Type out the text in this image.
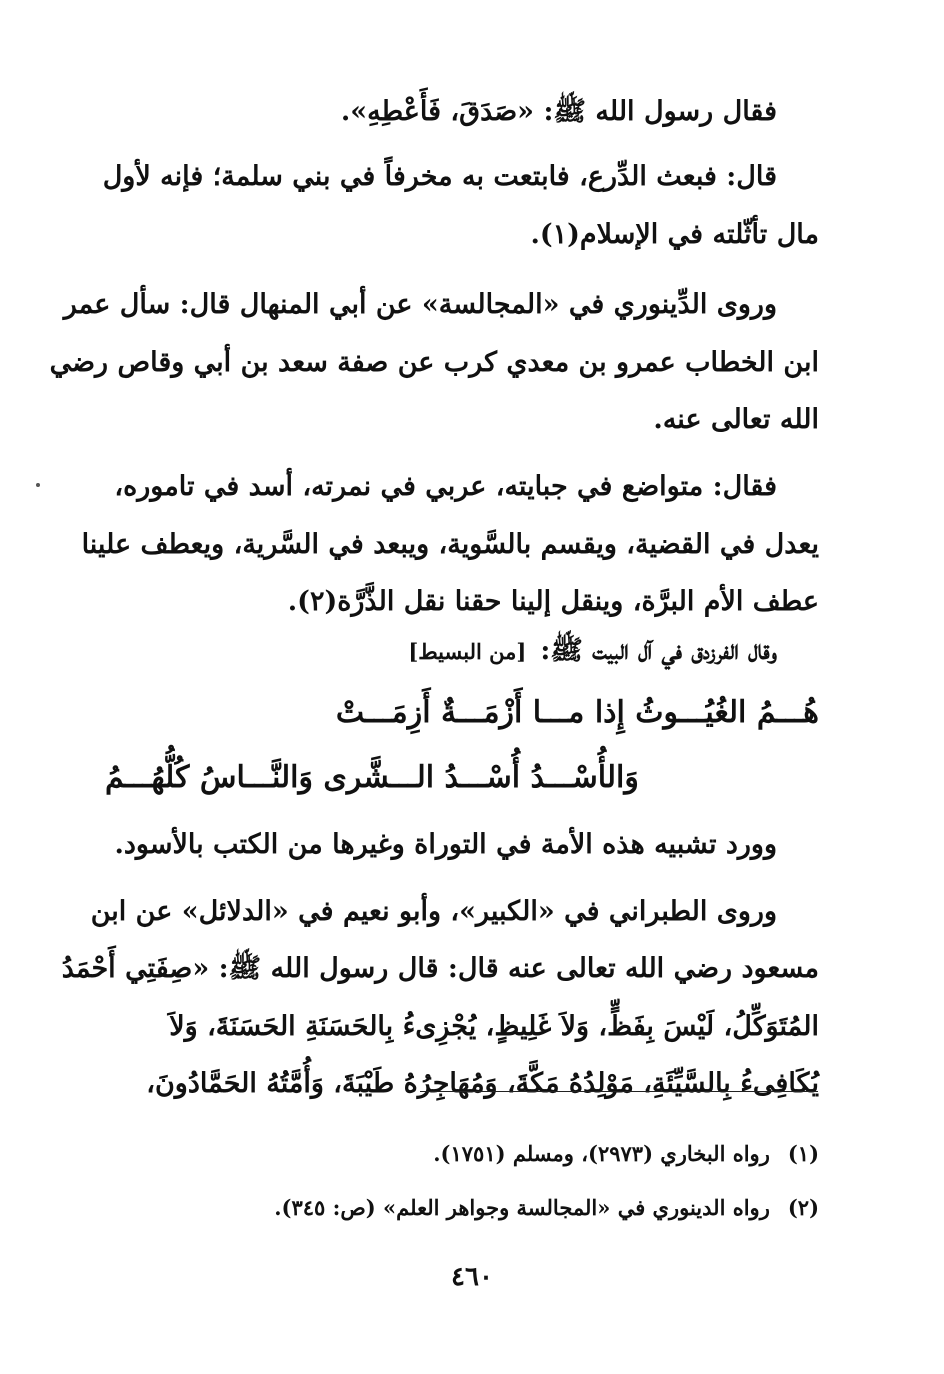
فقال رسول الله ﷺ: «صَدَقَ، فَأَعْطِهِ».
قال: فبعث الدِّرع، فابتعت به مخرفاً في بني سلمة؛ فإنه لأول
مال تأثّلته في الإسلام(١).
وروى الدِّينوري في «المجالسة» عن أبي المنهال قال: سأل عمر
ابن الخطاب عمرو بن معدي كرب عن صفة سعد بن أبي وقاص رضي
الله تعالى عنه.
فقال: متواضع في جبايته، عربي في نمرته، أسد في تاموره،
يعدل في القضية، ويقسم بالسَّوية، ويبعد في السَّرية، ويعطف علينا
عطف الأم البرَّة، وينقل إلينا حقنا نقل الذَّرَّة(٢).
وقال الفرزدق في آل البيت ﷺ:[من البسيط]
هُـــمُ الغُيُـــوثُ إِذا مـــا أَزْمَـــةٌ أَزِمَـــتْ
وَالأُسْـــدُ أُسْـــدُ الـــشَّرى وَالنَّـــاسُ كُلُّهُـــمُ
وورد تشبيه هذه الأمة في التوراة وغيرها من الكتب بالأسود.
وروى الطبراني في «الكبير»، وأبو نعيم في «الدلائل» عن ابن
مسعود رضي الله تعالى عنه قال: قال رسول الله ﷺ: «صِفَتِي أَحْمَدُ
المُتَوَكِّلُ، لَيْسَ بِفَظٍّ، وَلاَ غَلِيظٍ، يُجْزِىءُ بِالحَسَنَةِ الحَسَنَةَ، وَلاَ
يُكَافِىءُ بِالسَّيِّئَةِ، مَوْلِدُهُ مَكَّةَ، وَمُهَاجِرُهُ طَيْبَةَ، وَأُمَّتُهُ الحَمَّادُونَ،
(١)رواه البخاري (٢٩٧٣)، ومسلم (١٧٥١).
(٢)رواه الدينوري في «المجالسة وجواهر العلم» (ص: ٣٤٥).
٤٦٠
